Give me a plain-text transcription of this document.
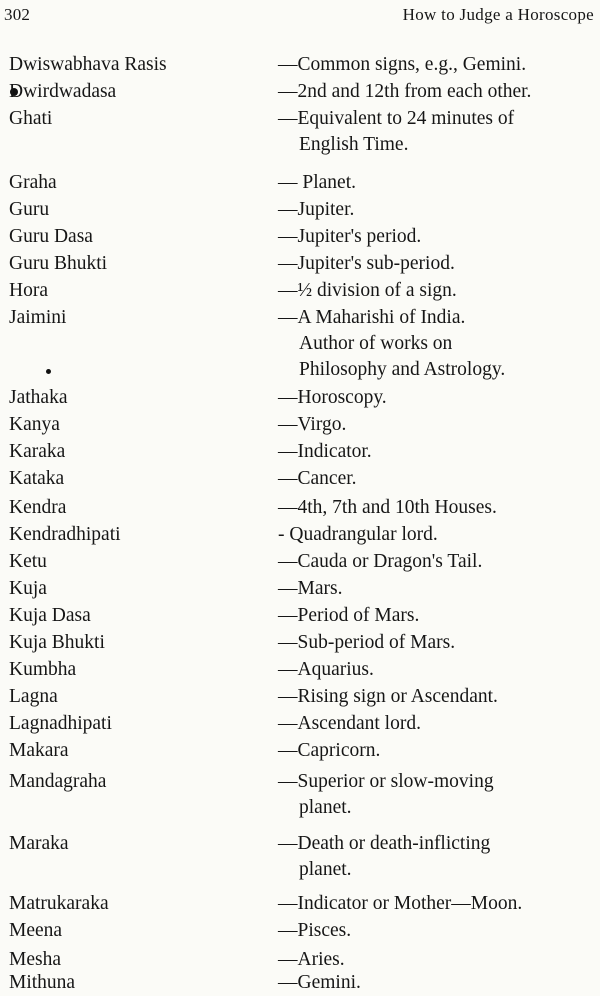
302	How to Judge a Horoscope
Dwiswabhava Rasis	—Common signs, e.g., Gemini.
Dwirdwadasa	—2nd and 12th from each other.
Ghati	—Equivalent to 24 minutes of
English Time.
Graha	— Planet.
Guru	—Jupiter.
Guru Dasa	—Jupiter's period.
Guru Bhukti	—Jupiter's sub-period.
Hora	—½ division of a sign.
Jaimini	—A Maharishi of India.
Author of works on
Philosophy and Astrology.
Jathaka	—Horoscopy.
Kanya	—Virgo.
Karaka	—Indicator.
Kataka	—Cancer.
Kendra	—4th, 7th and 10th Houses.
Kendradhipati	- Quadrangular lord.
Ketu	—Cauda or Dragon's Tail.
Kuja	—Mars.
Kuja Dasa	—Period of Mars.
Kuja Bhukti	—Sub-period of Mars.
Kumbha	—Aquarius.
Lagna	—Rising sign or Ascendant.
Lagnadhipati	—Ascendant lord.
Makara	—Capricorn.
Mandagraha	—Superior or slow-moving
planet.
Maraka	—Death or death-inflicting
planet.
Matrukaraka	—Indicator or Mother—Moon.
Meena	—Pisces.
Mesha	—Aries.
Mithuna	—Gemini.
